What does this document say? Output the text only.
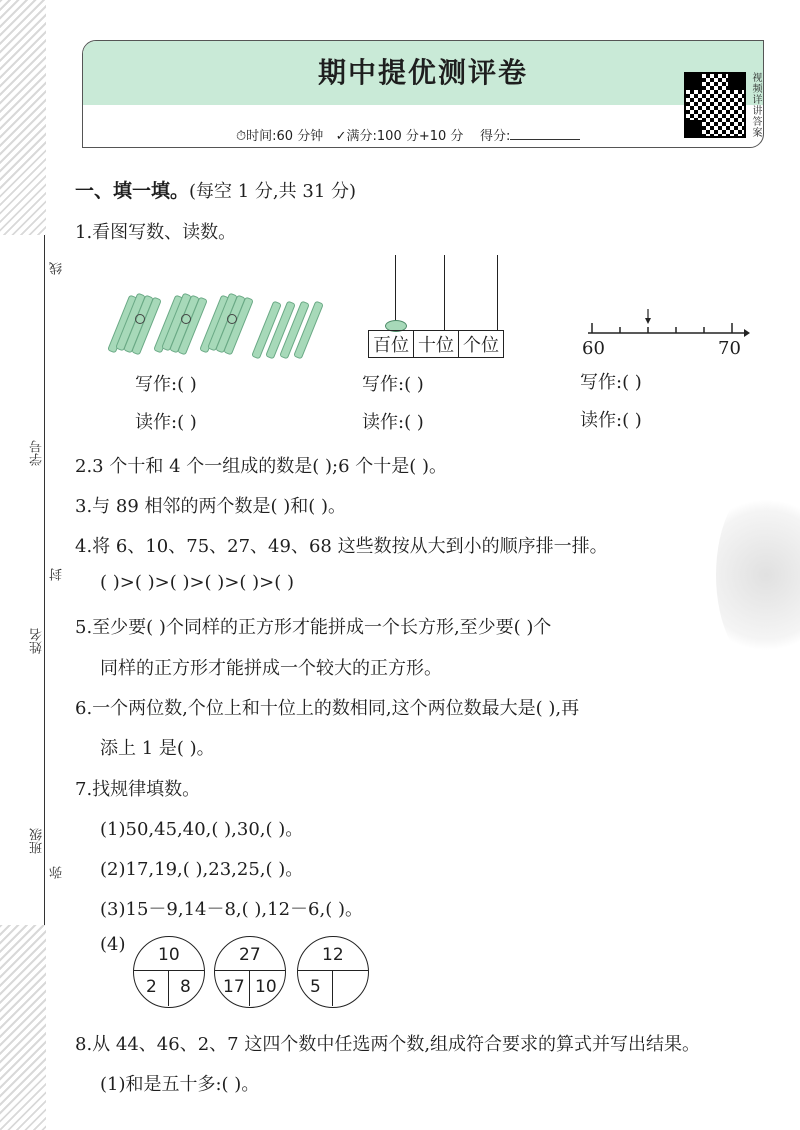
线
学号
封
姓名
班级
弥
期中提优测评卷
⏱时间:60 分钟 ✓满分:100 分+10 分 得分:	视频详讲答案
一、填一填。(每空 1 分,共 31 分)
1.看图写数、读数。
百位	十位	个位	60	70
写作:( )
读作:( )
写作:( )
读作:( )
写作:( )
读作:( )
2.3 个十和 4 个一组成的数是( );6 个十是( )。
3.与 89 相邻的两个数是( )和( )。
4.将 6、10、75、27、49、68 这些数按从大到小的顺序排一排。
( )>( )>( )>( )>( )>( )
5.至少要( )个同样的正方形才能拼成一个长方形,至少要( )个
同样的正方形才能拼成一个较大的正方形。
6.一个两位数,个位上和十位上的数相同,这个两位数最大是( ),再
添上 1 是( )。
7.找规律填数。
(1)50,45,40,( ),30,( )。
(2)17,19,( ),23,25,( )。
(3)15－9,14－8,( ),12－6,( )。
(4) 10
2 8
27
17 10
12
5
8.从 44、46、2、7 这四个数中任选两个数,组成符合要求的算式并写出结果。
(1)和是五十多:( )。
